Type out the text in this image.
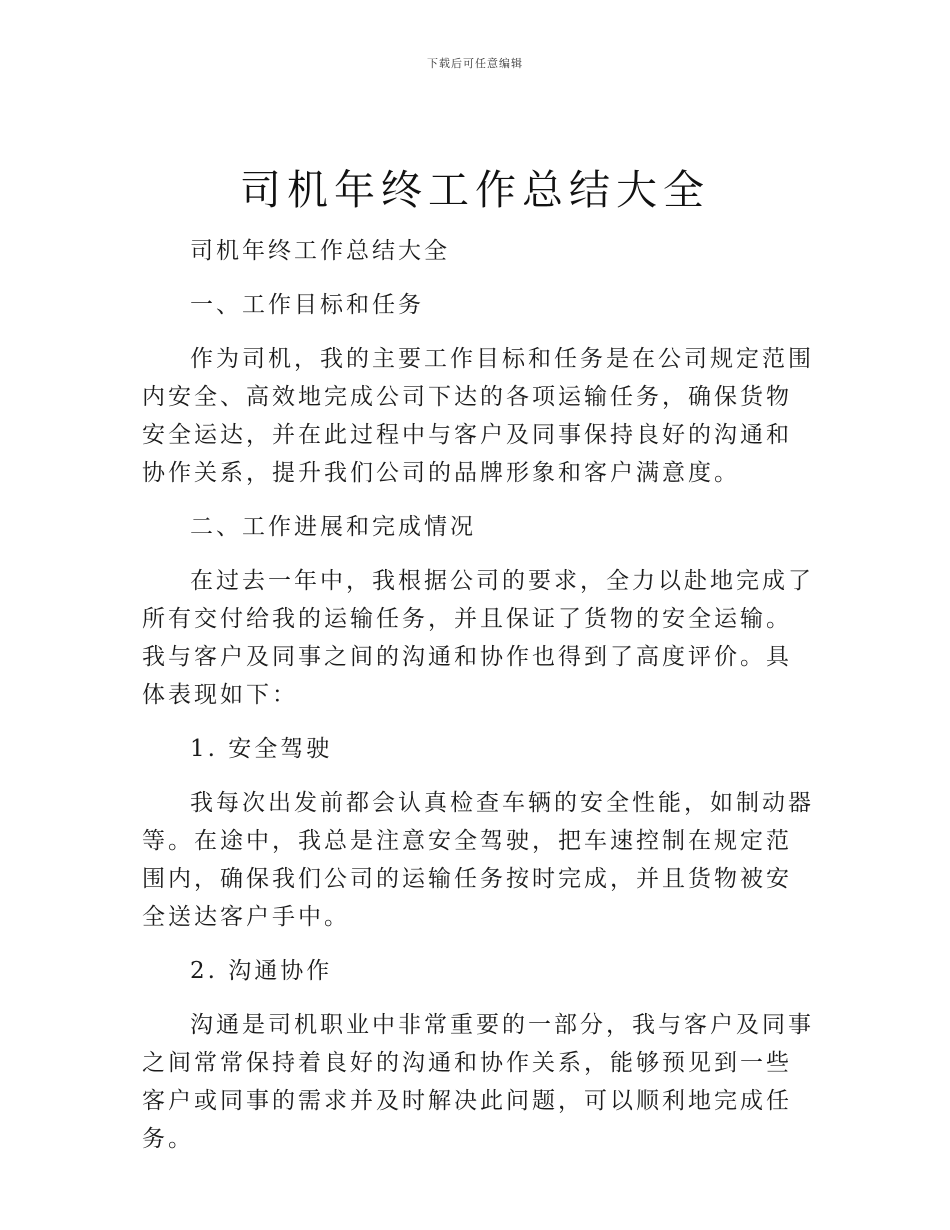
下载后可任意编辑
司机年终工作总结大全

司机年终工作总结大全

一、工作目标和任务

作为司机，我的主要工作目标和任务是在公司规定范围内安全、高效地完成公司下达的各项运输任务，确保货物安全运达，并在此过程中与客户及同事保持良好的沟通和协作关系，提升我们公司的品牌形象和客户满意度。

二、工作进展和完成情况

在过去一年中，我根据公司的要求，全力以赴地完成了所有交付给我的运输任务，并且保证了货物的安全运输。我与客户及同事之间的沟通和协作也得到了高度评价。具体表现如下：

1. 安全驾驶

我每次出发前都会认真检查车辆的安全性能，如制动器等。在途中，我总是注意安全驾驶，把车速控制在规定范围内，确保我们公司的运输任务按时完成，并且货物被安全送达客户手中。

2. 沟通协作

沟通是司机职业中非常重要的一部分，我与客户及同事之间常常保持着良好的沟通和协作关系，能够预见到一些客户或同事的需求并及时解决此问题，可以顺利地完成任务。
